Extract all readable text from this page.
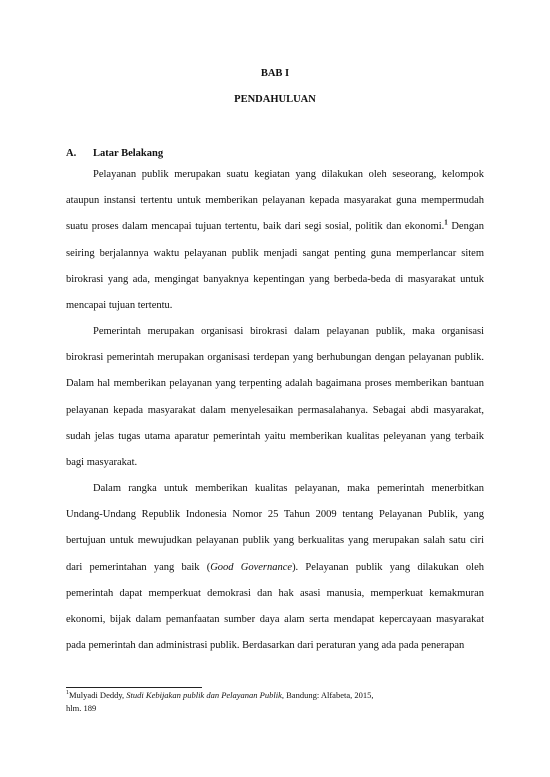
BAB I
PENDAHULUAN
A. Latar Belakang

Pelayanan publik merupakan suatu kegiatan yang dilakukan oleh seseorang, kelompok ataupun instansi tertentu untuk memberikan pelayanan kepada masyarakat guna mempermudah suatu proses dalam mencapai tujuan tertentu, baik dari segi sosial, politik dan ekonomi.$^1$ Dengan seiring berjalannya waktu pelayanan publik menjadi sangat penting guna memperlancar sitem birokrasi yang ada, mengingat banyaknya kepentingan yang berbeda-beda di masyarakat untuk mencapai tujuan tertentu.

Pemerintah merupakan organisasi birokrasi dalam pelayanan publik, maka organisasi birokrasi pemerintah merupakan organisasi terdepan yang berhubungan dengan pelayanan publik. Dalam hal memberikan pelayanan yang terpenting adalah bagaimana proses memberikan bantuan pelayanan kepada masyarakat dalam menyelesaikan permasalahanya. Sebagai abdi masyarakat, sudah jelas tugas utama aparatur pemerintah yaitu memberikan kualitas peleyanan yang terbaik bagi masyarakat.

Dalam rangka untuk memberikan kualitas pelayanan, maka pemerintah menerbitkan Undang-Undang Republik Indonesia Nomor 25 Tahun 2009 tentang Pelayanan Publik, yang bertujuan untuk mewujudkan pelayanan publik yang berkualitas yang merupakan salah satu ciri dari pemerintahan yang baik (Good Governance). Pelayanan publik yang dilakukan oleh pemerintah dapat memperkuat demokrasi dan hak asasi manusia, memperkuat kemakmuran ekonomi, bijak dalam pemanfaatan sumber daya alam serta mendapat kepercayaan masyarakat pada pemerintah dan administrasi publik. Berdasarkan dari peraturan yang ada pada penerapan

$^1$Mulyadi Deddy, Studi Kebijakan publik dan Pelayanan Publik, Bandung: Alfabeta, 2015,
hlm. 189
